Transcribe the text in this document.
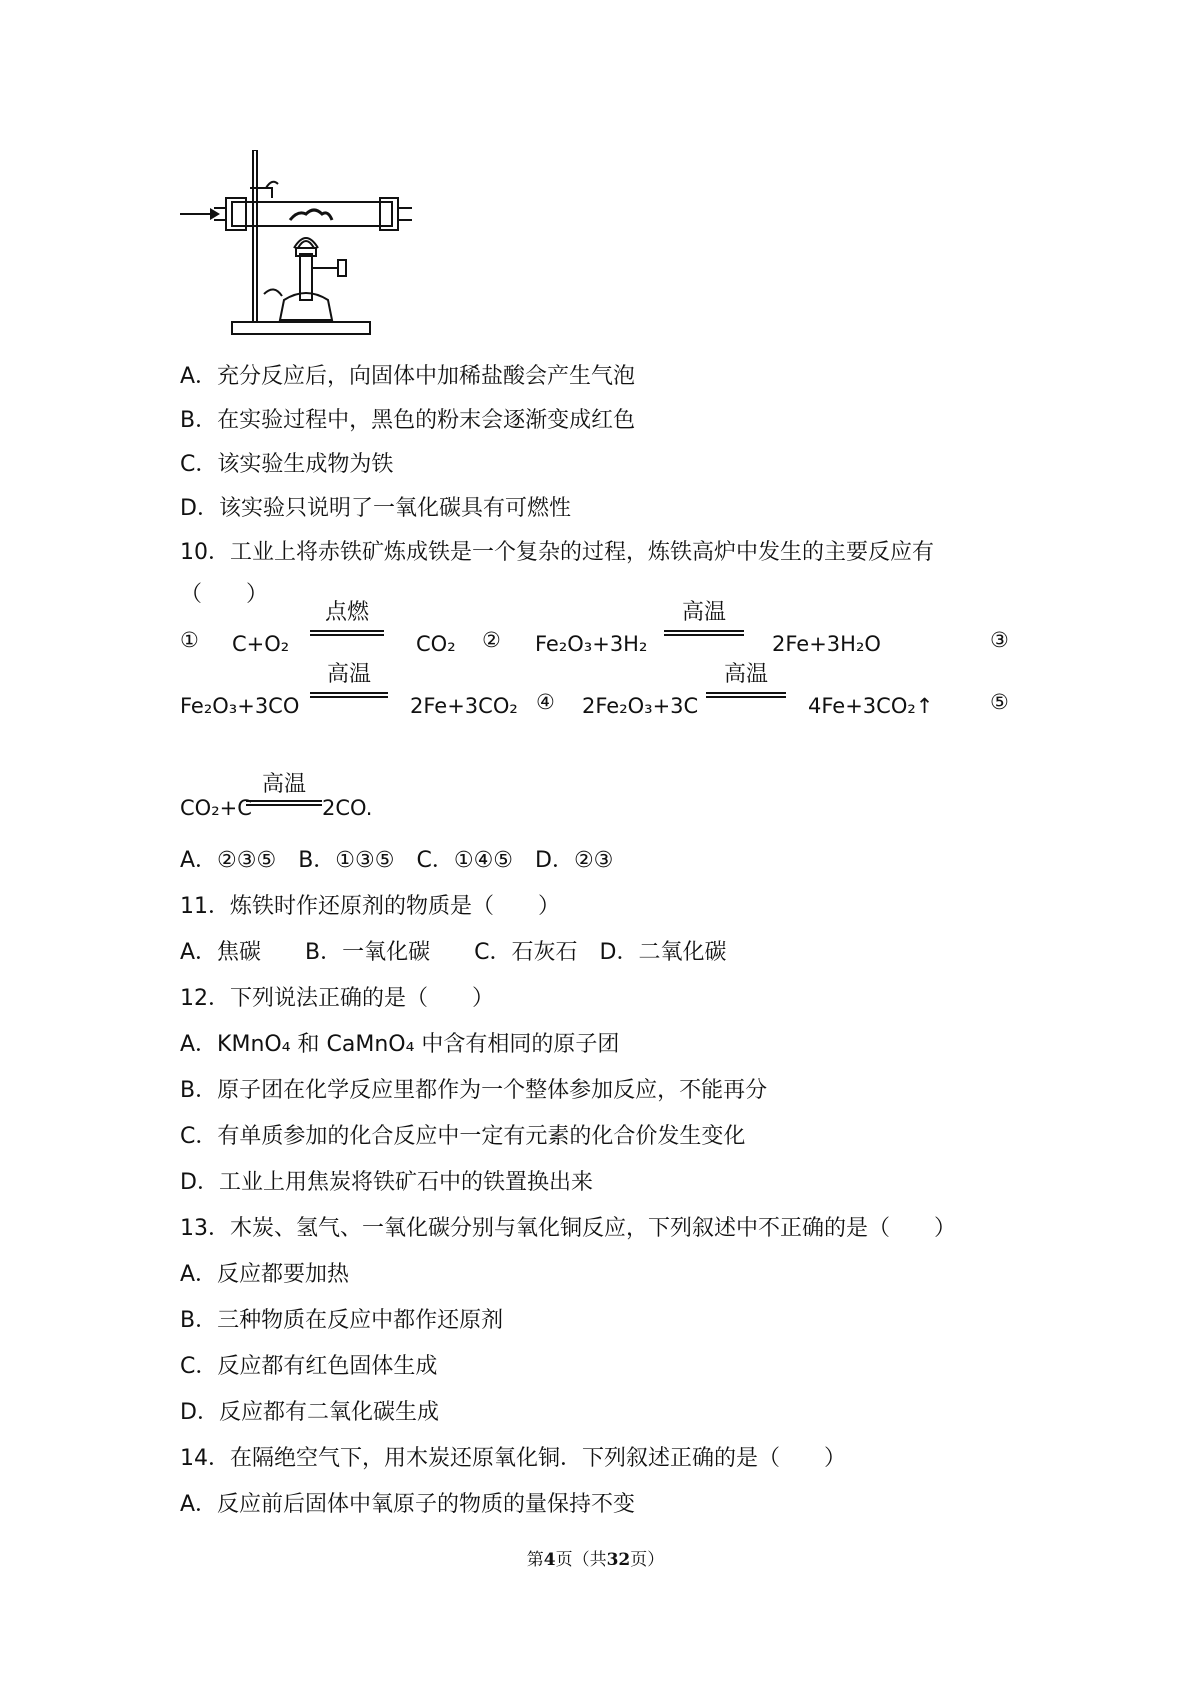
A．充分反应后，向固体中加稀盐酸会产生气泡
B．在实验过程中，黑色的粉末会逐渐变成红色
C．该实验生成物为铁
D．该实验只说明了一氧化碳具有可燃性
10．工业上将赤铁矿炼成铁是一个复杂的过程，炼铁高炉中发生的主要反应有
（　　）
① C+O₂
点燃
CO₂ ② Fe₂O₃+3H₂
高温
2Fe+3H₂O	③
Fe₂O₃+3CO
高温
2Fe+3CO₂ ④ 2Fe₂O₃+3C
高温
4Fe+3CO₂↑	⑤
CO₂+C
高温
2CO.
A．②③⑤　B．①③⑤　C．①④⑤　D．②③
11．炼铁时作还原剂的物质是（　　）
A．焦碳　　B．一氧化碳　　C．石灰石　D．二氧化碳
12．下列说法正确的是（　　）
A．KMnO₄ 和 CaMnO₄ 中含有相同的原子团
B．原子团在化学反应里都作为一个整体参加反应，不能再分
C．有单质参加的化合反应中一定有元素的化合价发生变化
D．工业上用焦炭将铁矿石中的铁置换出来
13．木炭、氢气、一氧化碳分别与氧化铜反应，下列叙述中不正确的是（　　）
A．反应都要加热
B．三种物质在反应中都作还原剂
C．反应都有红色固体生成
D．反应都有二氧化碳生成
14．在隔绝空气下，用木炭还原氧化铜．下列叙述正确的是（　　）
A．反应前后固体中氧原子的物质的量保持不变
第4页（共32页）
